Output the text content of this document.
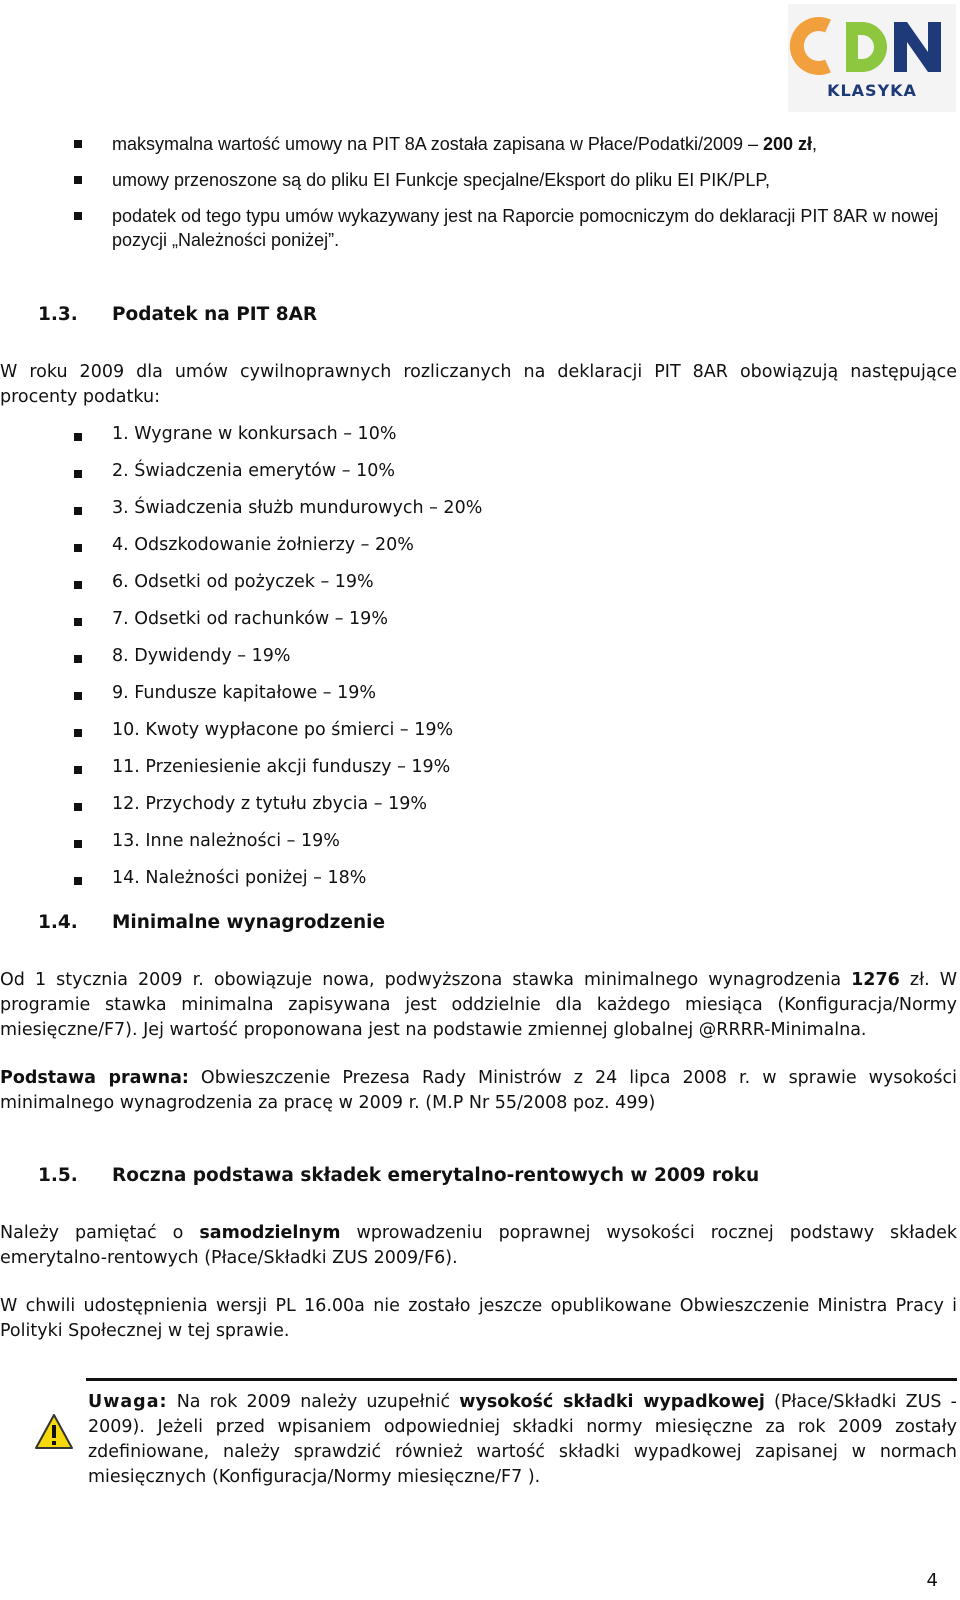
KLASYKA
maksymalna wartość umowy na PIT 8A została zapisana w Płace/Podatki/2009 – 200 zł,
umowy przenoszone są do pliku EI Funkcje specjalne/Eksport do pliku EI PIK/PLP,
podatek od tego typu umów wykazywany jest na Raporcie pomocniczym do deklaracji PIT 8AR w nowej pozycji „Należności poniżej”.
1.3. Podatek na PIT 8AR

W roku 2009 dla umów cywilnoprawnych rozliczanych na deklaracji PIT 8AR obowiązują następujące procenty podatku:

1. Wygrane w konkursach – 10%
2. Świadczenia emerytów – 10%
3. Świadczenia służb mundurowych – 20%
4. Odszkodowanie żołnierzy – 20%
6. Odsetki od pożyczek – 19%
7. Odsetki od rachunków – 19%
8. Dywidendy – 19%
9. Fundusze kapitałowe – 19%
10. Kwoty wypłacone po śmierci – 19%
11. Przeniesienie akcji funduszy – 19%
12. Przychody z tytułu zbycia – 19%
13. Inne należności – 19%
14. Należności poniżej – 18%
1.4. Minimalne wynagrodzenie

Od 1 stycznia 2009 r. obowiązuje nowa, podwyższona stawka minimalnego wynagrodzenia 1276 zł. W programie stawka minimalna zapisywana jest oddzielnie dla każdego miesiąca (Konfiguracja/Normy miesięczne/F7). Jej wartość proponowana jest na podstawie zmiennej globalnej @RRRR-Minimalna.

Podstawa prawna: Obwieszczenie Prezesa Rady Ministrów z 24 lipca 2008 r. w sprawie wysokości minimalnego wynagrodzenia za pracę w 2009 r. (M.P Nr 55/2008 poz. 499)

1.5. Roczna podstawa składek emerytalno-rentowych w 2009 roku

Należy pamiętać o samodzielnym wprowadzeniu poprawnej wysokości rocznej podstawy składek emerytalno-rentowych (Płace/Składki ZUS 2009/F6).

W chwili udostępnienia wersji PL 16.00a nie zostało jeszcze opublikowane Obwieszczenie Ministra Pracy i Polityki Społecznej w tej sprawie.

Uwaga: Na rok 2009 należy uzupełnić wysokość składki wypadkowej (Płace/Składki ZUS - 2009). Jeżeli przed wpisaniem odpowiedniej składki normy miesięczne za rok 2009 zostały zdefiniowane, należy sprawdzić również wartość składki wypadkowej zapisanej w normach miesięcznych (Konfiguracja/Normy miesięczne/F7 ).

4
